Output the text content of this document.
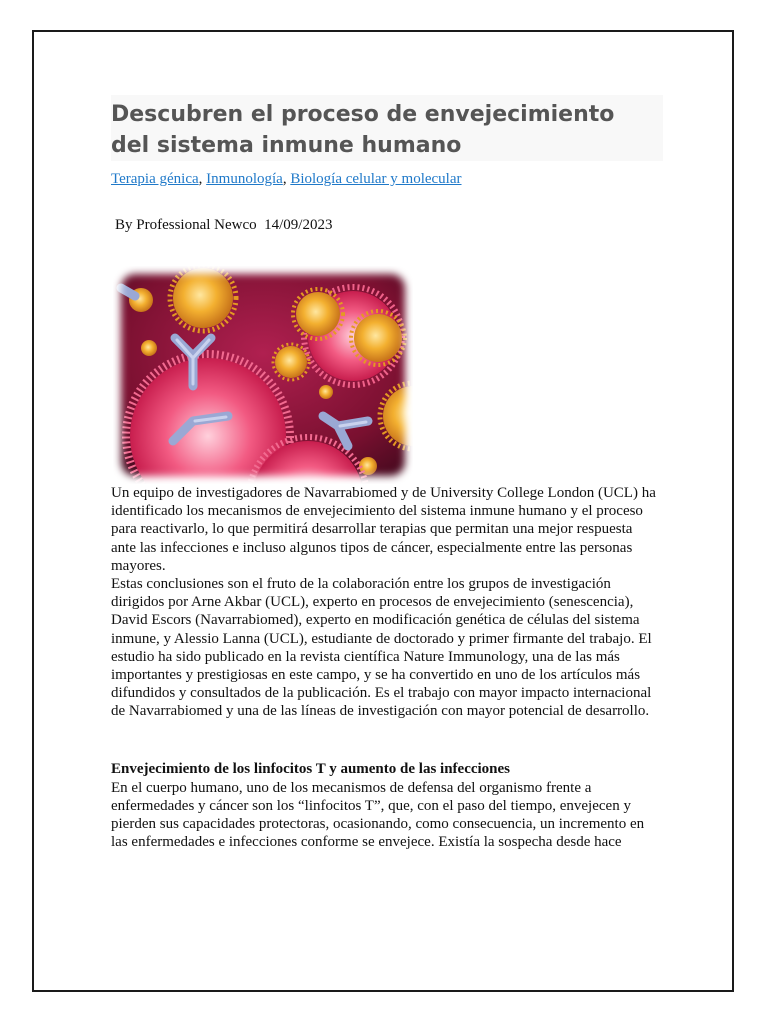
Descubren el proceso de envejecimiento del sistema inmune humano
Terapia génica, Inmunología, Biología celular y molecular
By Professional Newco  14/09/2023

Un equipo de investigadores de Navarrabiomed y de University College London (UCL) ha identificado los mecanismos de envejecimiento del sistema inmune humano y el proceso para reactivarlo, lo que permitirá desarrollar terapias que permitan una mejor respuesta ante las infecciones e incluso algunos tipos de cáncer, especialmente entre las personas mayores.

Estas conclusiones son el fruto de la colaboración entre los grupos de investigación dirigidos por Arne Akbar (UCL), experto en procesos de envejecimiento (senescencia), David Escors (Navarrabiomed), experto en modificación genética de células del sistema inmune, y Alessio Lanna (UCL), estudiante de doctorado y primer firmante del trabajo. El estudio ha sido publicado en la revista científica Nature Immunology, una de las más importantes y prestigiosas en este campo, y se ha convertido en uno de los artículos más difundidos y consultados de la publicación. Es el trabajo con mayor impacto internacional de Navarrabiomed y una de las líneas de investigación con mayor potencial de desarrollo.

Envejecimiento de los linfocitos T y aumento de las infecciones

En el cuerpo humano, uno de los mecanismos de defensa del organismo frente a enfermedades y cáncer son los “linfocitos T”, que, con el paso del tiempo, envejecen y pierden sus capacidades protectoras, ocasionando, como consecuencia, un incremento en las enfermedades e infecciones conforme se envejece. Existía la sospecha desde hace
